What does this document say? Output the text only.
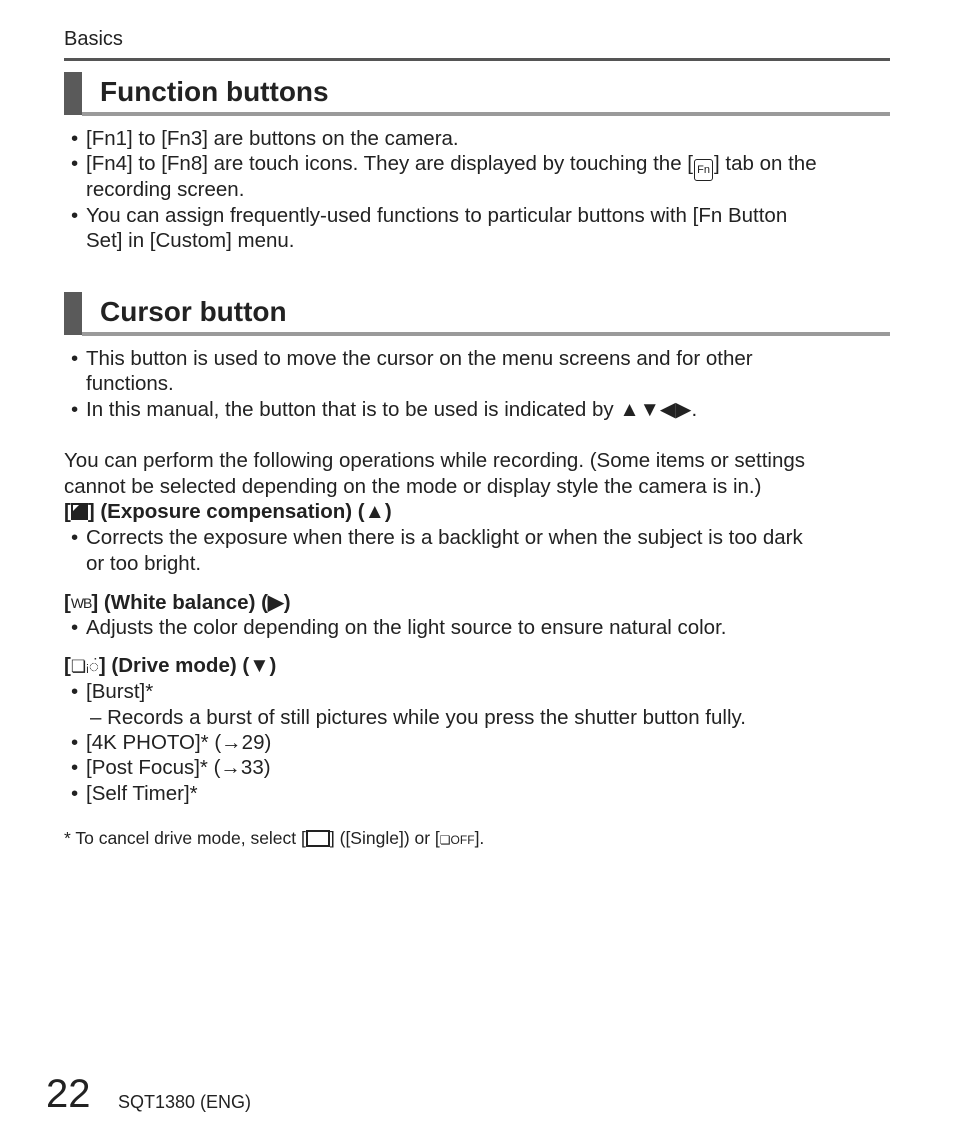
Basics
Function buttons
• [Fn1] to [Fn3] are buttons on the camera.
• [Fn4] to [Fn8] are touch icons. They are displayed by touching the [ Fn ] tab on the
recording screen.
• You can assign frequently-used functions to particular buttons with [Fn Button
Set] in [Custom] menu.
Cursor button
• This button is used to move the cursor on the menu screens and for other
functions.
• In this manual, the button that is to be used is indicated by ▲▼◀▶.
You can perform the following operations while recording. (Some items or settings
cannot be selected depending on the mode or display style the camera is in.)
[ ] (Exposure compensation) (▲)
• Corrects the exposure when there is a backlight or when the subject is too dark
or too bright.
[WB] (White balance) (▶)
• Adjusts the color depending on the light source to ensure natural color.
[❏ᵢ◌̇] (Drive mode) (▼)
• [Burst]*
– Records a burst of still pictures while you press the shutter button fully.
• [4K PHOTO]* (→29)
• [Post Focus]* (→33)
• [Self Timer]*
* To cancel drive mode, select [ ] ([Single]) or [❏OFF].
22 SQT1380 (ENG)
